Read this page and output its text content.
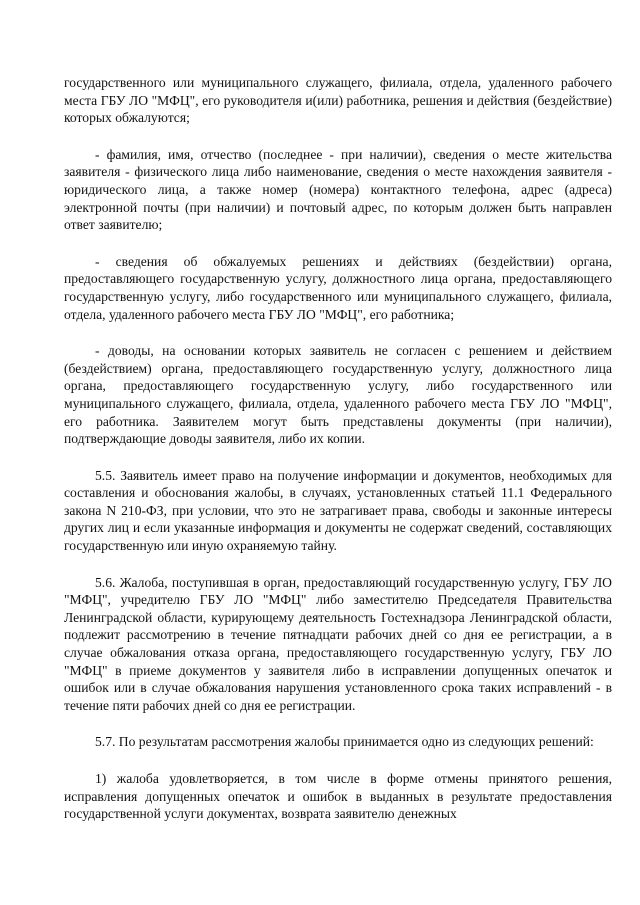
государственного или муниципального служащего, филиала, отдела, удаленного рабочего места ГБУ ЛО "МФЦ", его руководителя и(или) работника, решения и действия (бездействие) которых обжалуются;

- фамилия, имя, отчество (последнее - при наличии), сведения о месте жительства заявителя - физического лица либо наименование, сведения о месте нахождения заявителя - юридического лица, а также номер (номера) контактного телефона, адрес (адреса) электронной почты (при наличии) и почтовый адрес, по которым должен быть направлен ответ заявителю;

- сведения об обжалуемых решениях и действиях (бездействии) органа, предоставляющего государственную услугу, должностного лица органа, предоставляющего государственную услугу, либо государственного или муниципального служащего, филиала, отдела, удаленного рабочего места ГБУ ЛО "МФЦ", его работника;

- доводы, на основании которых заявитель не согласен с решением и действием (бездействием) органа, предоставляющего государственную услугу, должностного лица органа, предоставляющего государственную услугу, либо государственного или муниципального служащего, филиала, отдела, удаленного рабочего места ГБУ ЛО "МФЦ", его работника. Заявителем могут быть представлены документы (при наличии), подтверждающие доводы заявителя, либо их копии.

5.5. Заявитель имеет право на получение информации и документов, необходимых для составления и обоснования жалобы, в случаях, установленных статьей 11.1 Федерального закона N 210-ФЗ, при условии, что это не затрагивает права, свободы и законные интересы других лиц и если указанные информация и документы не содержат сведений, составляющих государственную или иную охраняемую тайну.

5.6. Жалоба, поступившая в орган, предоставляющий государственную услугу, ГБУ ЛО "МФЦ", учредителю ГБУ ЛО "МФЦ" либо заместителю Председателя Правительства Ленинградской области, курирующему деятельность Гостехнадзора Ленинградской области, подлежит рассмотрению в течение пятнадцати рабочих дней со дня ее регистрации, а в случае обжалования отказа органа, предоставляющего государственную услугу, ГБУ ЛО "МФЦ" в приеме документов у заявителя либо в исправлении допущенных опечаток и ошибок или в случае обжалования нарушения установленного срока таких исправлений - в течение пяти рабочих дней со дня ее регистрации.

5.7. По результатам рассмотрения жалобы принимается одно из следующих решений:

1) жалоба удовлетворяется, в том числе в форме отмены принятого решения, исправления допущенных опечаток и ошибок в выданных в результате предоставления государственной услуги документах, возврата заявителю денежных
